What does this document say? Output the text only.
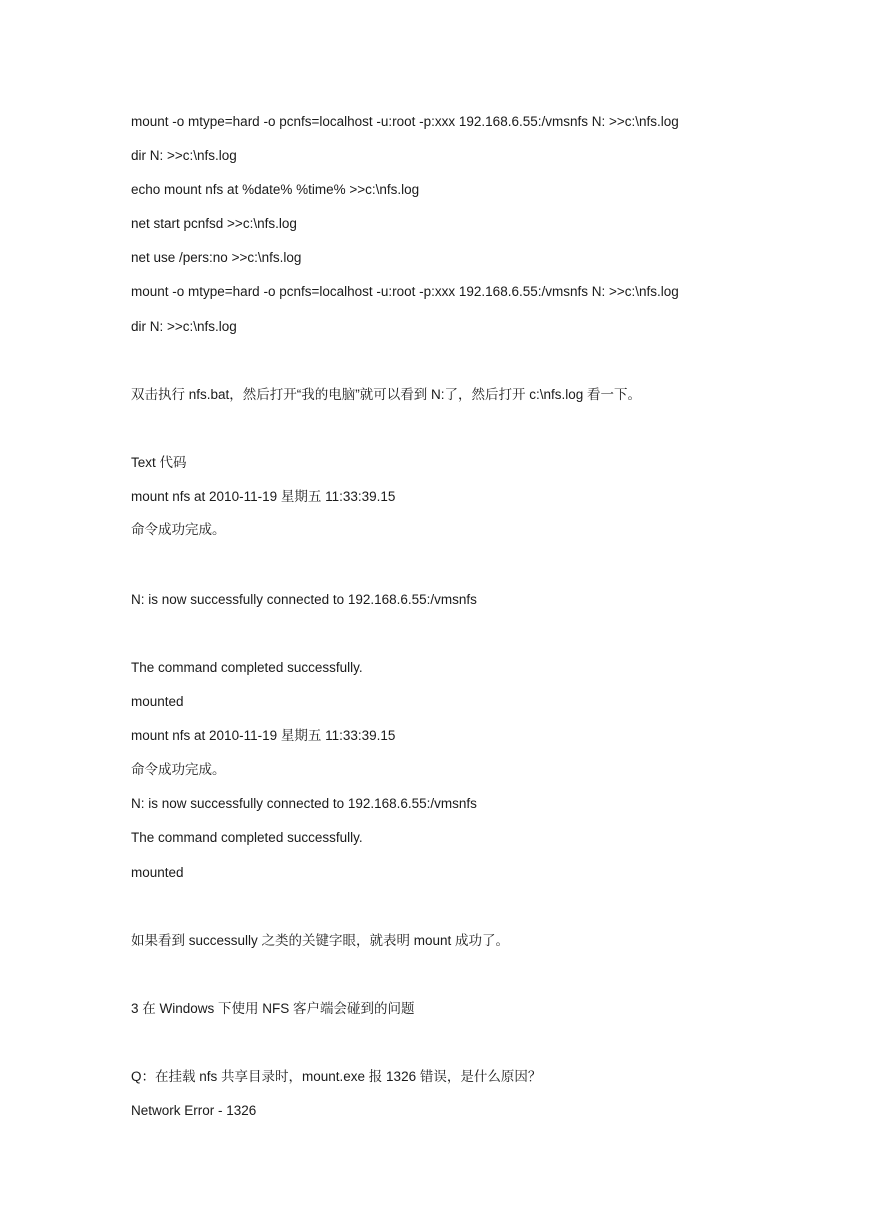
mount -o mtype=hard -o pcnfs=localhost -u:root -p:xxx 192.168.6.55:/vmsnfs N: >>c:\nfs.log
dir N: >>c:\nfs.log
echo mount nfs at %date% %time% >>c:\nfs.log
net start pcnfsd >>c:\nfs.log
net use /pers:no >>c:\nfs.log
mount -o mtype=hard -o pcnfs=localhost -u:root -p:xxx 192.168.6.55:/vmsnfs N: >>c:\nfs.log
dir N: >>c:\nfs.log
双击执行 nfs.bat，然后打开“我的电脑”就可以看到 N:了，然后打开 c:\nfs.log 看一下。
Text 代码
mount nfs at 2010-11-19 星期五 11:33:39.15
命令成功完成。
N: is now successfully connected to 192.168.6.55:/vmsnfs
The command completed successfully.
mounted
mount nfs at 2010-11-19 星期五 11:33:39.15
命令成功完成。
N: is now successfully connected to 192.168.6.55:/vmsnfs
The command completed successfully.
mounted
如果看到 successully 之类的关键字眼，就表明 mount 成功了。
3 在 Windows 下使用 NFS 客户端会碰到的问题
Q：在挂载 nfs 共享目录时，mount.exe 报 1326 错误，是什么原因？
Network Error - 1326
